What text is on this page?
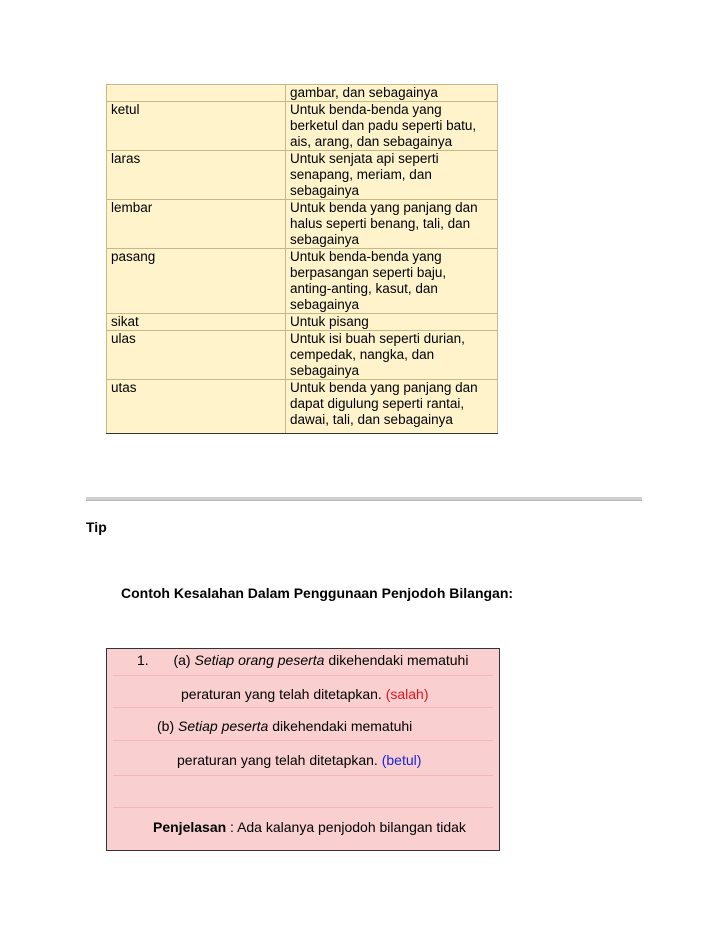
	gambar, dan sebagainya

ketul	Untuk benda-benda yang
berketul dan padu seperti batu,
ais, arang, dan sebagainya

laras	Untuk senjata api seperti
senapang, meriam, dan
sebagainya

lembar	Untuk benda yang panjang dan
halus seperti benang, tali, dan
sebagainya

pasang	Untuk benda-benda yang
berpasangan seperti baju,
anting-anting, kasut, dan
sebagainya

sikat	Untuk pisang

ulas	Untuk isi buah seperti durian,
cempedak, nangka, dan
sebagainya

utas	Untuk benda yang panjang dan
dapat digulung seperti rantai,
dawai, tali, dan sebagainya
Tip
Contoh Kesalahan Dalam Penggunaan Penjodoh Bilangan:
1. (a) Setiap orang peserta dikehendaki mematuhi
peraturan yang telah ditetapkan. (salah)
(b) Setiap peserta dikehendaki mematuhi
peraturan yang telah ditetapkan. (betul)
Penjelasan : Ada kalanya penjodoh bilangan tidak
